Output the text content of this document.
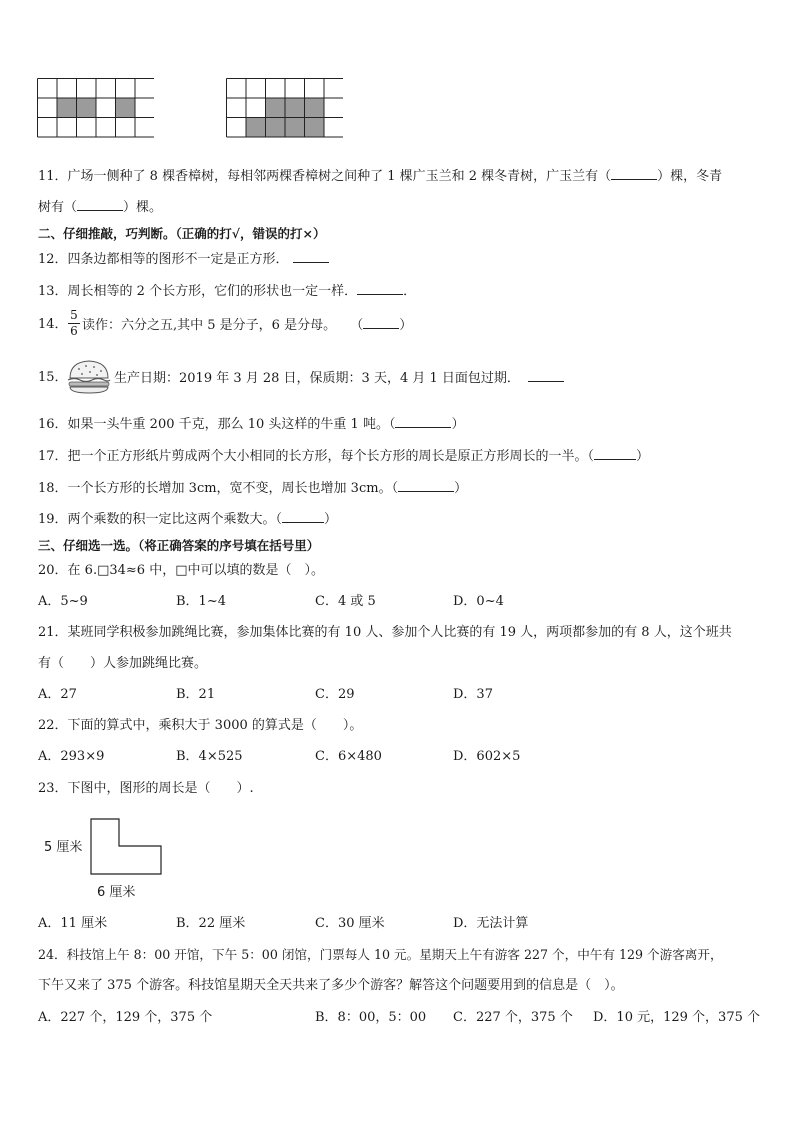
11．广场一侧种了 8 棵香樟树，每相邻两棵香樟树之间种了 1 棵广玉兰和 2 棵冬青树，广玉兰有（	）棵，冬青
树有（	）棵。
二、仔细推敲，巧判断。（正确的打√，错误的打×）
12．四条边都相等的图形不一定是正方形．
13．周长相等的 2 个长方形，它们的形状也一定一样．	．
14． $\frac{5}{6}$ 读作：六分之五,其中 5 是分子，6 是分母。 （	）
15．	生产日期：2019 年 3 月 28 日，保质期：3 天，4 月 1 日面包过期．
16．如果一头牛重 200 千克，那么 10 头这样的牛重 1 吨。（	）
17．把一个正方形纸片剪成两个大小相同的长方形，每个长方形的周长是原正方形周长的一半。（	）
18．一个长方形的长增加 3cm，宽不变，周长也增加 3cm。（	）
19．两个乘数的积一定比这两个乘数大。（	）
三、仔细选一选。（将正确答案的序号填在括号里）
20．在 6.□34≈6 中，□中可以填的数是（　）。
A．5~9	B．1~4	C．4 或 5	D．0~4
21．某班同学积极参加跳绳比赛，参加集体比赛的有 10 人、参加个人比赛的有 19 人，两项都参加的有 8 人，这个班共
有（　　）人参加跳绳比赛。
A．27	B．21	C．29	D．37
22．下面的算式中，乘积大于 3000 的算式是（　　）。
A．293×9	B．4×525	C．6×480	D．602×5
23．下图中，图形的周长是（　　）.
5 厘米
6 厘米
A．11 厘米	B．22 厘米	C．30 厘米	D．无法计算
24．科技馆上午 8：00 开馆，下午 5：00 闭馆，门票每人 10 元。星期天上午有游客 227 个，中午有 129 个游客离开，
下午又来了 375 个游客。科技馆星期天全天共来了多少个游客？解答这个问题要用到的信息是（　）。
A．227 个，129 个，375 个	B．8：00，5：00 C．227 个，375 个 D．10 元，129 个，375 个
